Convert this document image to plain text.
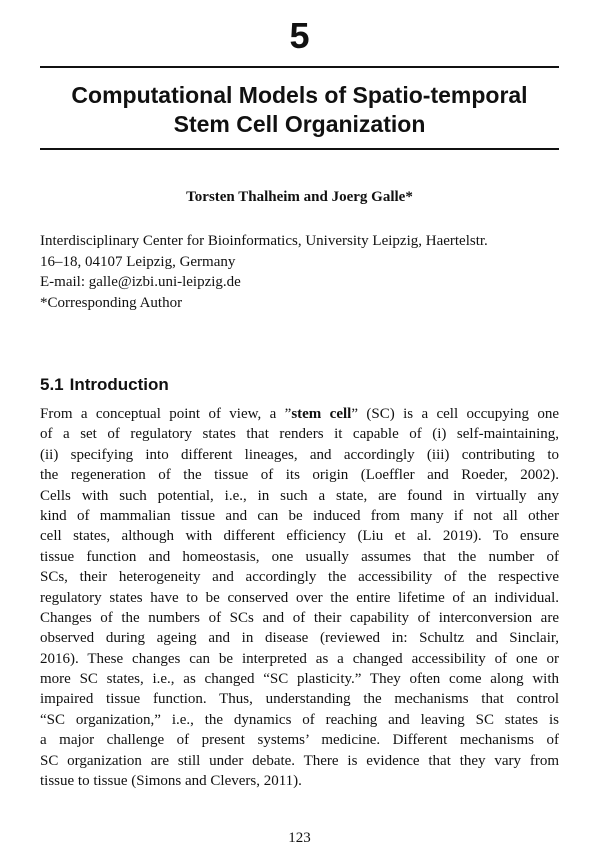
5
Computational Models of Spatio-temporal
Stem Cell Organization
Torsten Thalheim and Joerg Galle*
Interdisciplinary Center for Bioinformatics, University Leipzig, Haertelstr.
16–18, 04107 Leipzig, Germany
E-mail: galle@izbi.uni-leipzig.de
*Corresponding Author
5.1 Introduction
From a conceptual point of view, a ”stem cell” (SC) is a cell occupying one
of a set of regulatory states that renders it capable of (i) self-maintaining,
(ii) specifying into different lineages, and accordingly (iii) contributing to
the regeneration of the tissue of its origin (Loeffler and Roeder, 2002).
Cells with such potential, i.e., in such a state, are found in virtually any
kind of mammalian tissue and can be induced from many if not all other
cell states, although with different efficiency (Liu et al. 2019). To ensure
tissue function and homeostasis, one usually assumes that the number of
SCs, their heterogeneity and accordingly the accessibility of the respective
regulatory states have to be conserved over the entire lifetime of an individual.
Changes of the numbers of SCs and of their capability of interconversion are
observed during ageing and in disease (reviewed in: Schultz and Sinclair,
2016). These changes can be interpreted as a changed accessibility of one or
more SC states, i.e., as changed “SC plasticity.” They often come along with
impaired tissue function. Thus, understanding the mechanisms that control
“SC organization,” i.e., the dynamics of reaching and leaving SC states is
a major challenge of present systems’ medicine. Different mechanisms of
SC organization are still under debate. There is evidence that they vary from
tissue to tissue (Simons and Clevers, 2011).
123
